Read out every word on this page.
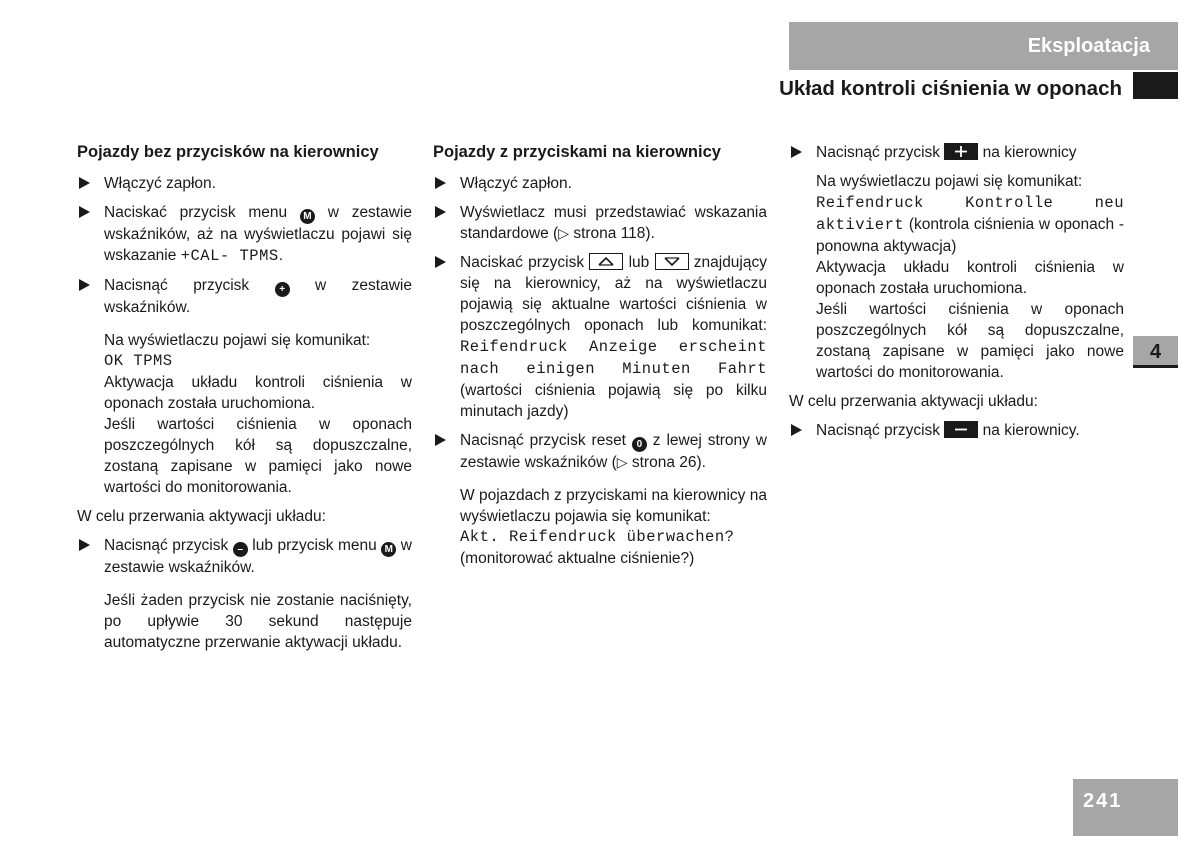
Eksploatacja
Układ kontroli ciśnienia w oponach
4
241
Pojazdy bez przycisków na kierownicy
Włączyć zapłon.
Naciskać przycisk menu M w zestawie wskaźników, aż na wyświetlaczu pojawi się wskazanie +CAL- TPMS.
Nacisnąć przycisk + w zestawie wskaźników.
Na wyświetlaczu pojawi się komunikat:
OK TPMS
Aktywacja układu kontroli ciśnienia w oponach została uruchomiona.
Jeśli wartości ciśnienia w oponach poszczególnych kół są dopuszczalne, zostaną zapisane w pamięci jako nowe wartości do monitorowania.
W celu przerwania aktywacji układu:
Nacisnąć przycisk – lub przycisk menu M w zestawie wskaźników.
Jeśli żaden przycisk nie zostanie naciśnięty, po upływie 30 sekund następuje automatyczne przerwanie aktywacji układu.
Pojazdy z przyciskami na kierownicy
Włączyć zapłon.
Wyświetlacz musi przedstawiać wskazania standardowe (▷ strona 118).
Naciskać przycisk
lub
znajdujący się na kierownicy, aż na wyświetlaczu pojawią się aktualne wartości ciśnienia w poszczególnych oponach lub komunikat: Reifendruck Anzeige erscheint nach einigen Minuten Fahrt (wartości ciśnienia pojawią się po kilku minutach jazdy)
Nacisnąć przycisk reset 0 z lewej strony w zestawie wskaźników (▷ strona 26).
W pojazdach z przyciskami na kierownicy na wyświetlaczu pojawia się komunikat:
Akt. Reifendruck überwachen?
(monitorować aktualne ciśnienie?)
Nacisnąć przycisk
na kierownicy
Na wyświetlaczu pojawi się komunikat:
Reifendruck Kontrolle neu aktiviert (kontrola ciśnienia w oponach - ponowna aktywacja)
Aktywacja układu kontroli ciśnienia w oponach została uruchomiona.
Jeśli wartości ciśnienia w oponach poszczególnych kół są dopuszczalne, zostaną zapisane w pamięci jako nowe wartości do monitorowania.
W celu przerwania aktywacji układu:
Nacisnąć przycisk
na kierownicy.
